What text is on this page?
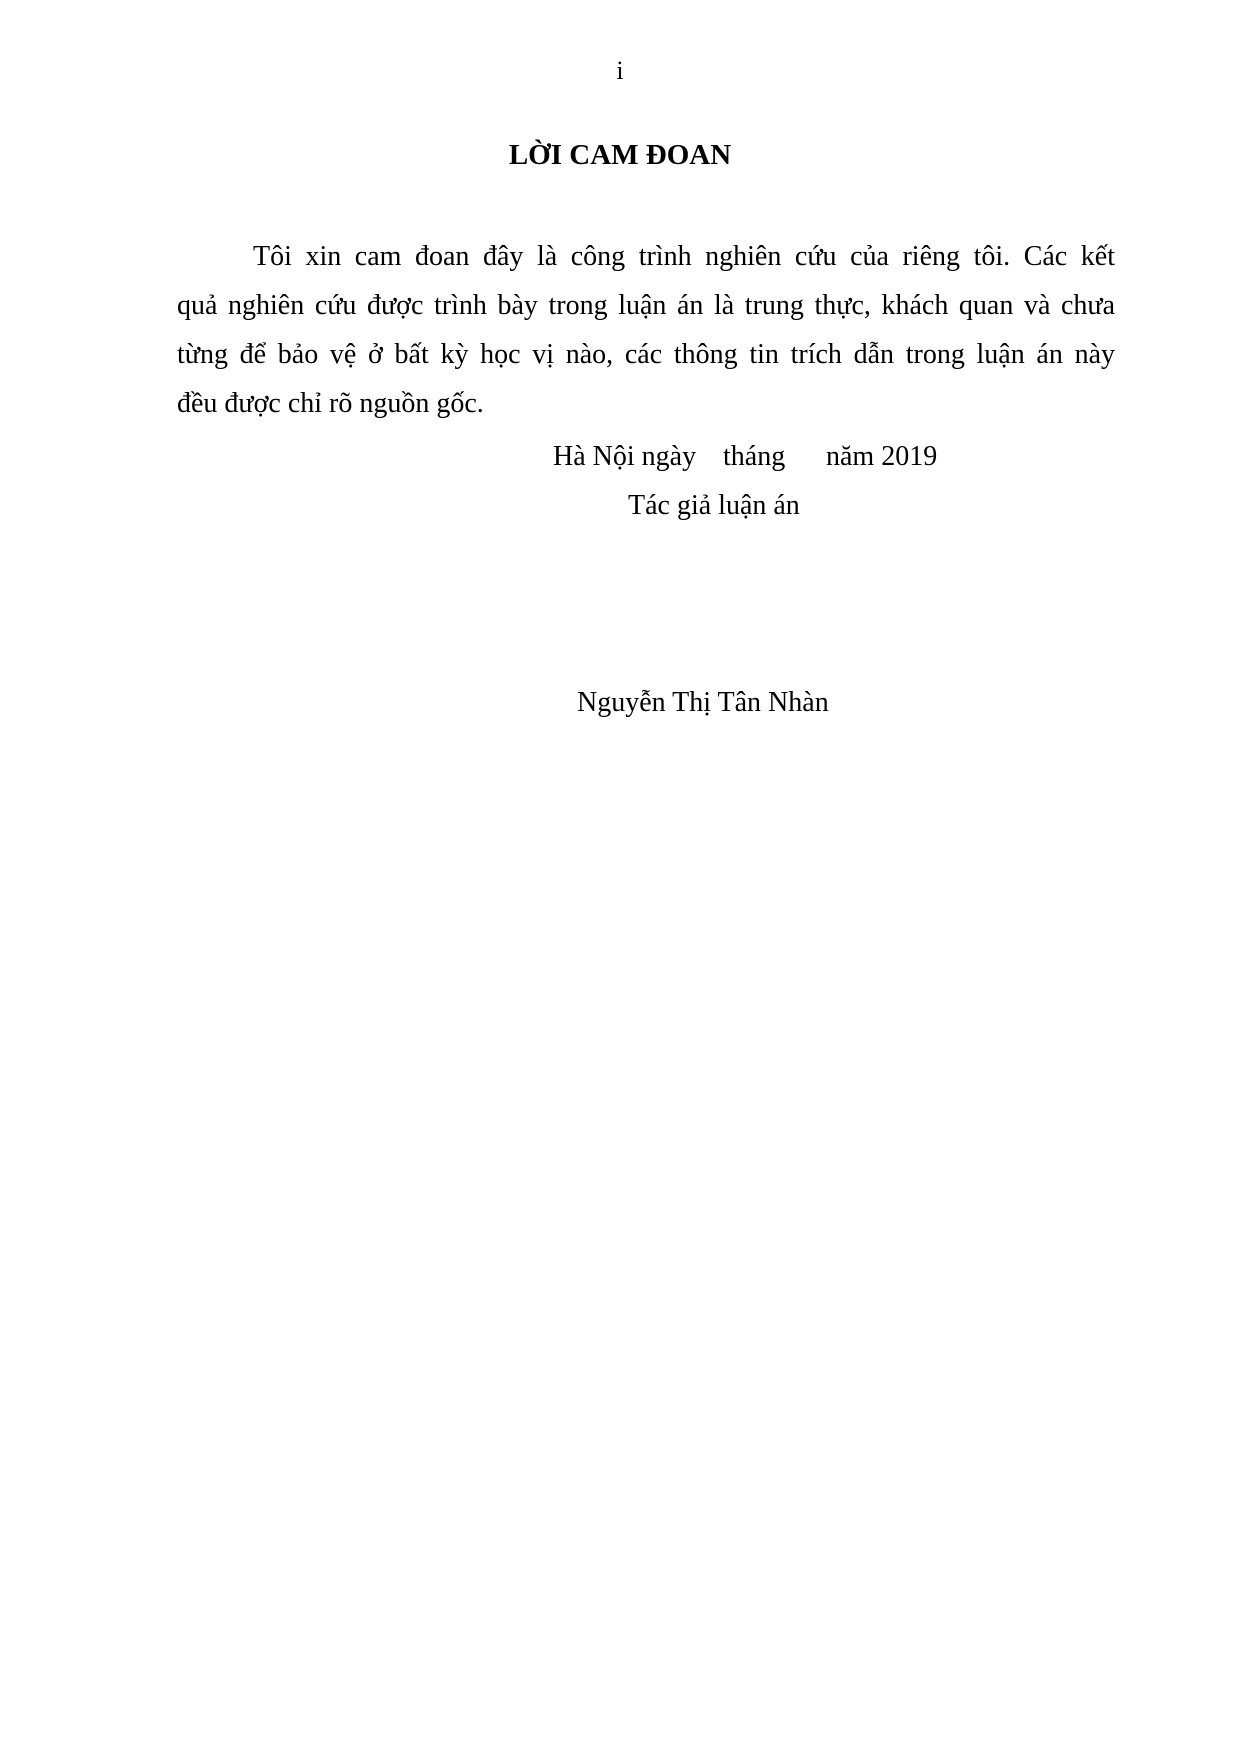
i
LỜI CAM ĐOAN

Tôi xin cam đoan đây là công trình nghiên cứu của riêng tôi. Các kết
quả nghiên cứu được trình bày trong luận án là trung thực, khách quan và chưa
từng để bảo vệ ở bất kỳ học vị nào, các thông tin trích dẫn trong luận án này
đều được chỉ rõ nguồn gốc.

Hà Nội ngày tháng năm 2019
Tác giả luận án
Nguyễn Thị Tân Nhàn
